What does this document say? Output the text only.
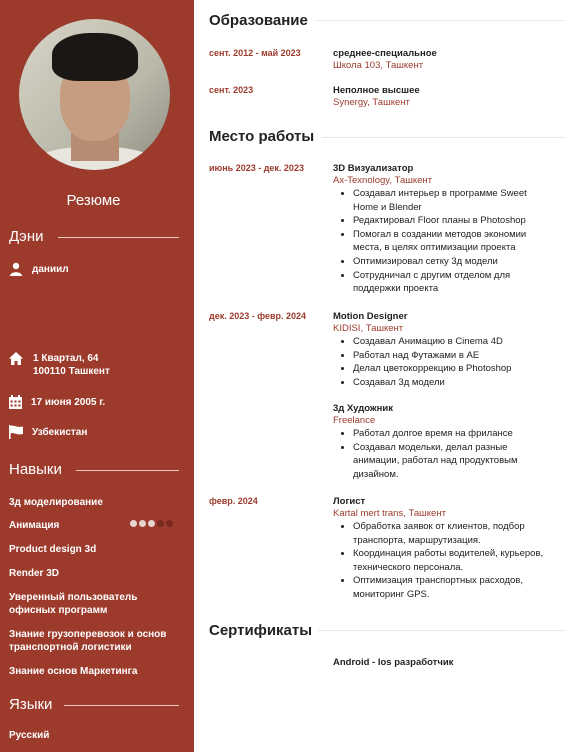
Резюме
Дэни
даниил
1 Квартал, 64
100110 Ташкент
17 июня 2005 г.
Узбекистан
Навыки
3д моделирование
Анимация
Product design 3d
Render 3D
Уверенный пользователь офисных программ
Знание грузоперевозок и основ транспортной логистики
Знание основ Маркетинга
Языки
Русский
Образование
сент. 2012 - май 2023	среднее-специальное
Школа 103, Ташкент
сент. 2023	Неполное высшее
Synergy, Ташкент
Место работы
июнь 2023 - дек. 2023	3D Визуализатор
Ax-Texnology, Ташкент
• Создавал интерьер в программе Sweet Home и Blender
• Редактировал Floor планы в Photoshop
• Помогал в создании методов экономии места, в целях оптимизации проекта
• Оптимизировал сетку 3д модели
• Сотрудничал с другим отделом для поддержки проекта
дек. 2023 - февр. 2024	Motion Designer
KIDISI, Ташкент
• Создавал Анимацию в Cinema 4D
• Работал над Футажами в AE
• Делал цветокоррекцию в Photoshop
• Создавал 3д модели
3д Художник
Freelance
• Работал долгое время на фрилансе
• Создавал модельки, делал разные анимации, работал над продуктовым дизайном.
февр. 2024	Логист
Kartal mert trans, Ташкент
• Обработка заявок от клиентов, подбор транспорта, маршрутизация.
• Координация работы водителей, курьеров, технического персонала.
• Оптимизация транспортных расходов, мониторинг GPS.
Сертификаты
Android - Ios разработчик
